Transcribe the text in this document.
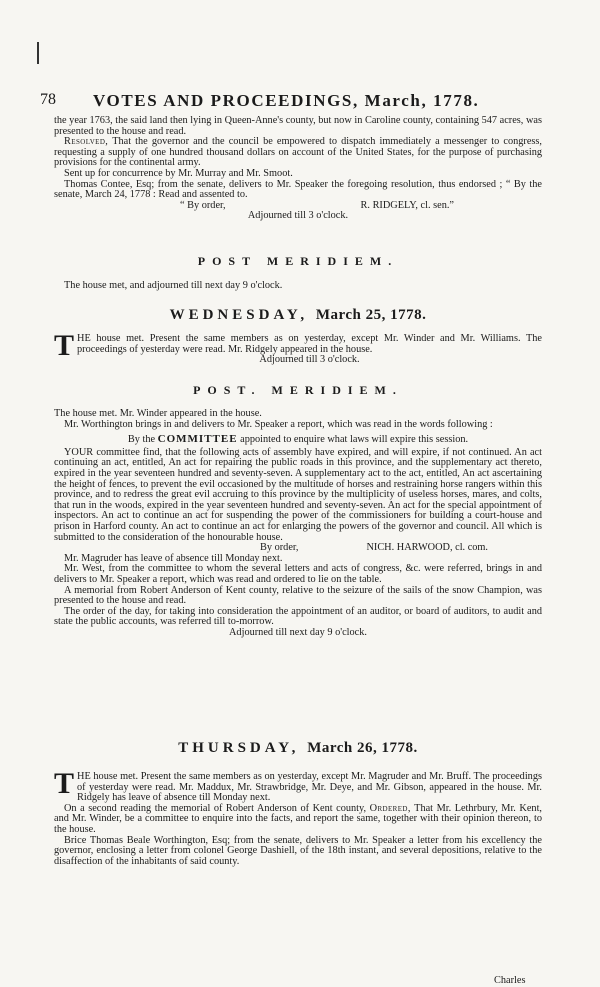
78 VOTES AND PROCEEDINGS, March, 1778.

the year 1763, the said land then lying in Queen-Anne's county, but now in Caroline county, containing 547 acres, was presented to the house and read.

Resolved, That the governor and the council be empowered to dispatch immediately a messenger to congress, requesting a supply of one hundred thousand dollars on account of the United States, for the purpose of purchasing provisions for the continental army.

Sent up for concurrence by Mr. Murray and Mr. Smoot.

Thomas Contee, Esq; from the senate, delivers to Mr. Speaker the foregoing resolution, thus endorsed ; “ By the senate, March 24, 1778 : Read and assented to.

“ By order,	R. RIDGELY, cl. sen.”

Adjourned till 3 o'clock.

POST MERIDIEM.

The house met, and adjourned till next day 9 o'clock.

WEDNESDAY, March 25, 1778.

THE house met. Present the same members as on yesterday, except Mr. Winder and Mr. Williams. The proceedings of yesterday were read. Mr. Ridgely appeared in the house.

Adjourned till 3 o'clock.

POST. MERIDIEM.

The house met. Mr. Winder appeared in the house.

Mr. Worthington brings in and delivers to Mr. Speaker a report, which was read in the words following :

By the COMMITTEE appointed to enquire what laws will expire this session.

YOUR committee find, that the following acts of assembly have expired, and will expire, if not continued. An act continuing an act, entitled, An act for repairing the public roads in this province, and the supplementary act thereto, expired in the year seventeen hundred and seventy-seven. A supplementary act to the act, entitled, An act ascertaining the height of fences, to prevent the evil occasioned by the multitude of horses and restraining horse rangers within this province, and to redress the great evil accruing to this province by the multiplicity of useless horses, mares, and colts, that run in the woods, expired in the year seventeen hundred and seventy-seven. An act for the special appointment of inspectors. An act to continue an act for suspending the power of the commissioners for building a court-house and prison in Harford county. An act to continue an act for enlarging the powers of the governor and council. All which is submitted to the consideration of the honourable house.

By order,	NICH. HARWOOD, cl. com.

Mr. Magruder has leave of absence till Monday next.

Mr. West, from the committee to whom the several letters and acts of congress, &c. were referred, brings in and delivers to Mr. Speaker a report, which was read and ordered to lie on the table.

A memorial from Robert Anderson of Kent county, relative to the seizure of the sails of the snow Champion, was presented to the house and read.

The order of the day, for taking into consideration the appointment of an auditor, or board of auditors, to audit and state the public accounts, was referred till to-morrow.

Adjourned till next day 9 o'clock.

THURSDAY, March 26, 1778.

THE house met. Present the same members as on yesterday, except Mr. Magruder and Mr. Bruff. The proceedings of yesterday were read. Mr. Maddux, Mr. Strawbridge, Mr. Deye, and Mr. Gibson, appeared in the house. Mr. Ridgely has leave of absence till Monday next.

On a second reading the memorial of Robert Anderson of Kent county, Ordered, That Mr. Lethrbury, Mr. Kent, and Mr. Winder, be a committee to enquire into the facts, and report the same, together with their opinion thereon, to the house.

Brice Thomas Beale Worthington, Esq; from the senate, delivers to Mr. Speaker a letter from his excellency the governor, enclosing a letter from colonel George Dashiell, of the 18th instant, and several depositions, relative to the disaffection of the inhabitants of said county.

Charles
